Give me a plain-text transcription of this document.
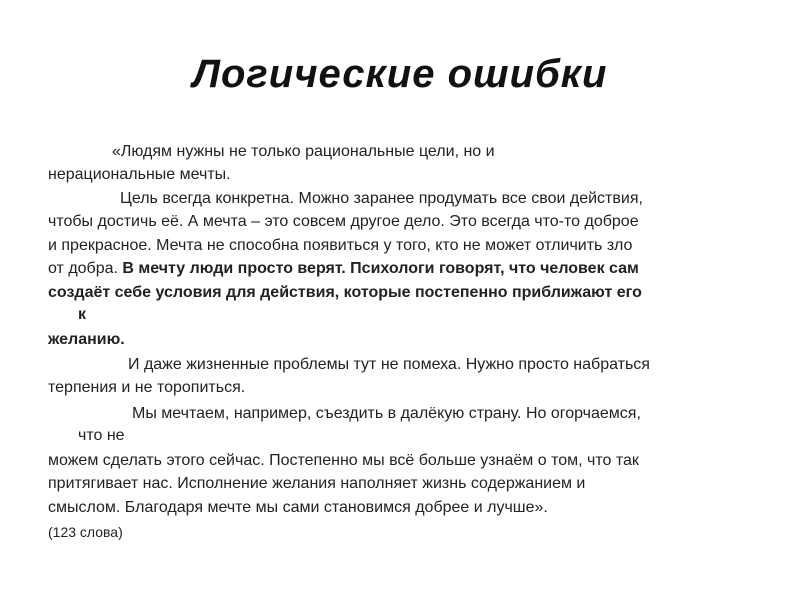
Логические ошибки
«Людям нужны не только рациональные цели, но и
нерациональные мечты.
Цель всегда конкретна. Можно заранее продумать все свои действия,
чтобы достичь её. А мечта – это совсем другое дело. Это всегда что-то доброе
и прекрасное. Мечта не способна появиться у того, кто не может отличить зло
от добра. В мечту люди просто верят. Психологи говорят, что человек сам
создаёт себе условия для действия, которые постепенно приближают его
к
желанию.
И даже жизненные проблемы тут не помеха. Нужно просто набраться
терпения и не торопиться.
Мы мечтаем, например, съездить в далёкую страну. Но огорчаемся,
что не
можем сделать этого сейчас. Постепенно мы всё больше узнаём о том, что так
притягивает нас. Исполнение желания наполняет жизнь содержанием и
смыслом. Благодаря мечте мы сами становимся добрее и лучше».
(123 слова)
